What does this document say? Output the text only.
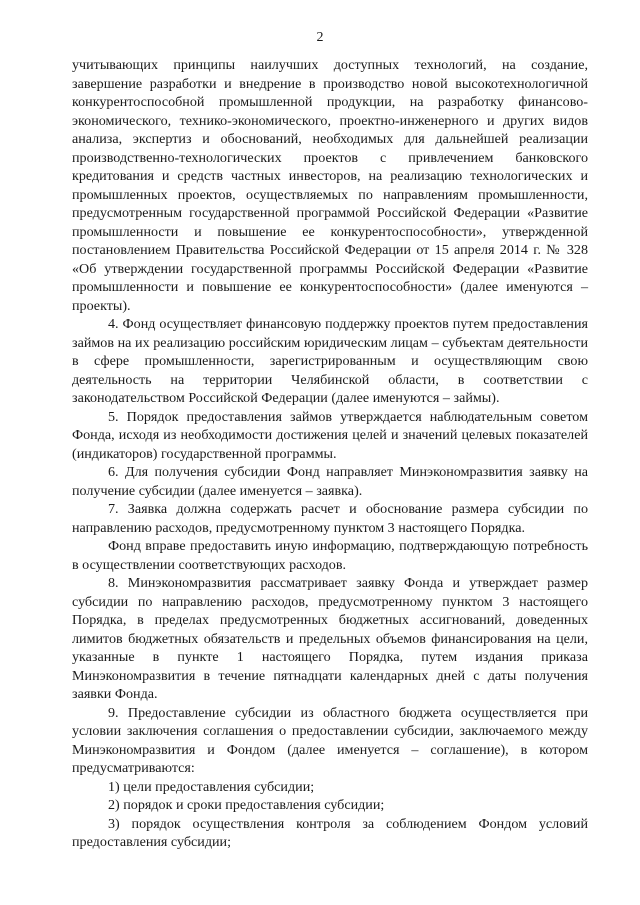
2

учитывающих принципы наилучших доступных технологий, на создание, завершение разработки и внедрение в производство новой высокотехнологичной конкурентоспособной промышленной продукции, на разработку финансово-экономического, технико-экономического, проектно-инженерного и других видов анализа, экспертиз и обоснований, необходимых для дальнейшей реализации производственно-технологических проектов с привлечением банковского кредитования и средств частных инвесторов, на реализацию технологических и промышленных проектов, осуществляемых по направлениям промышленности, предусмотренным государственной программой Российской Федерации «Развитие промышленности и повышение ее конкурентоспособности», утвержденной постановлением Правительства Российской Федерации от 15 апреля 2014 г. № 328 «Об утверждении государственной программы Российской Федерации «Развитие промышленности и повышение ее конкурентоспособности» (далее именуются – проекты).

4. Фонд осуществляет финансовую поддержку проектов путем предоставления займов на их реализацию российским юридическим лицам – субъектам деятельности в сфере промышленности, зарегистрированным и осуществляющим свою деятельность на территории Челябинской области, в соответствии с законодательством Российской Федерации (далее именуются – займы).

5. Порядок предоставления займов утверждается наблюдательным советом Фонда, исходя из необходимости достижения целей и значений целевых показателей (индикаторов) государственной программы.

6. Для получения субсидии Фонд направляет Минэкономразвития заявку на получение субсидии (далее именуется – заявка).

7. Заявка должна содержать расчет и обоснование размера субсидии по направлению расходов, предусмотренному пунктом 3 настоящего Порядка.

Фонд вправе предоставить иную информацию, подтверждающую потребность в осуществлении соответствующих расходов.

8. Минэкономразвития рассматривает заявку Фонда и утверждает размер субсидии по направлению расходов, предусмотренному пунктом 3 настоящего Порядка, в пределах предусмотренных бюджетных ассигнований, доведенных лимитов бюджетных обязательств и предельных объемов финансирования на цели, указанные в пункте 1 настоящего Порядка, путем издания приказа Минэкономразвития в течение пятнадцати календарных дней с даты получения заявки Фонда.

9. Предоставление субсидии из областного бюджета осуществляется при условии заключения соглашения о предоставлении субсидии, заключаемого между Минэкономразвития и Фондом (далее именуется – соглашение), в котором предусматриваются:

1) цели предоставления субсидии;

2) порядок и сроки предоставления субсидии;

3) порядок осуществления контроля за соблюдением Фондом условий предоставления субсидии;
